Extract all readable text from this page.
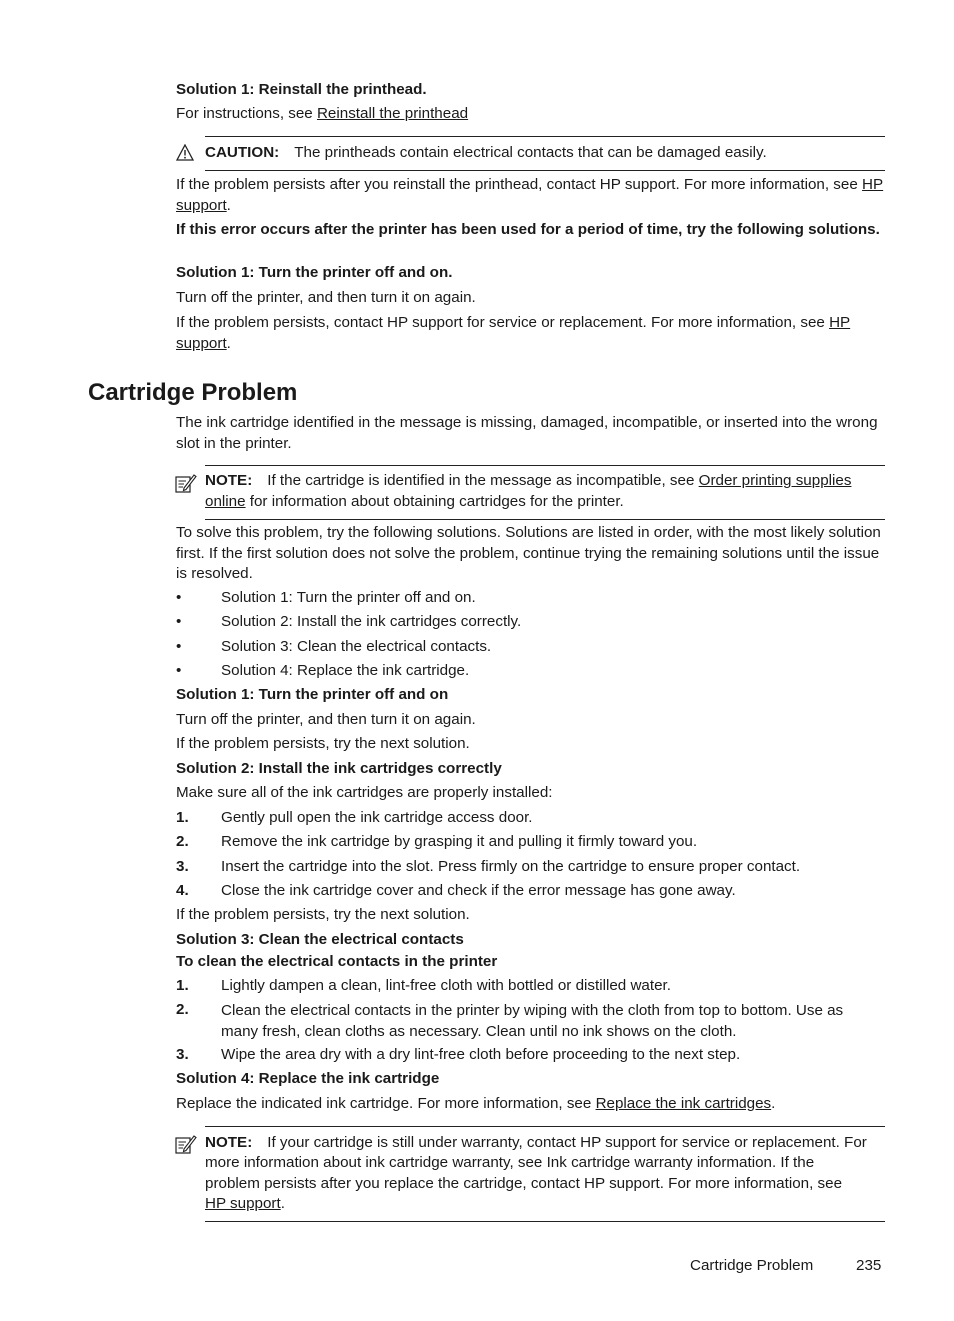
Solution 1: Reinstall the printhead.
For instructions, see Reinstall the printhead
CAUTION: The printheads contain electrical contacts that can be damaged easily.
If the problem persists after you reinstall the printhead, contact HP support. For more information, see HP support.
If this error occurs after the printer has been used for a period of time, try the following solutions.
Solution 1: Turn the printer off and on.
Turn off the printer, and then turn it on again.
If the problem persists, contact HP support for service or replacement. For more information, see HP support.
Cartridge Problem
The ink cartridge identified in the message is missing, damaged, incompatible, or inserted into the wrong slot in the printer.
NOTE: If the cartridge is identified in the message as incompatible, see Order printing supplies online for information about obtaining cartridges for the printer.
To solve this problem, try the following solutions. Solutions are listed in order, with the most likely solution first. If the first solution does not solve the problem, continue trying the remaining solutions until the issue is resolved.
•	Solution 1: Turn the printer off and on.
•	Solution 2: Install the ink cartridges correctly.
•	Solution 3: Clean the electrical contacts.
•	Solution 4: Replace the ink cartridge.
Solution 1: Turn the printer off and on
Turn off the printer, and then turn it on again.
If the problem persists, try the next solution.
Solution 2: Install the ink cartridges correctly
Make sure all of the ink cartridges are properly installed:
1. Gently pull open the ink cartridge access door.
2. Remove the ink cartridge by grasping it and pulling it firmly toward you.
3. Insert the cartridge into the slot. Press firmly on the cartridge to ensure proper contact.
4. Close the ink cartridge cover and check if the error message has gone away.
If the problem persists, try the next solution.
Solution 3: Clean the electrical contacts
To clean the electrical contacts in the printer
1. Lightly dampen a clean, lint-free cloth with bottled or distilled water.
2. Clean the electrical contacts in the printer by wiping with the cloth from top to bottom. Use as many fresh, clean cloths as necessary. Clean until no ink shows on the cloth.
3. Wipe the area dry with a dry lint-free cloth before proceeding to the next step.
Solution 4: Replace the ink cartridge
Replace the indicated ink cartridge. For more information, see Replace the ink cartridges.
NOTE: If your cartridge is still under warranty, contact HP support for service or replacement. For more information about ink cartridge warranty, see Ink cartridge warranty information. If the problem persists after you replace the cartridge, contact HP support. For more information, see HP support.
Cartridge Problem	235
